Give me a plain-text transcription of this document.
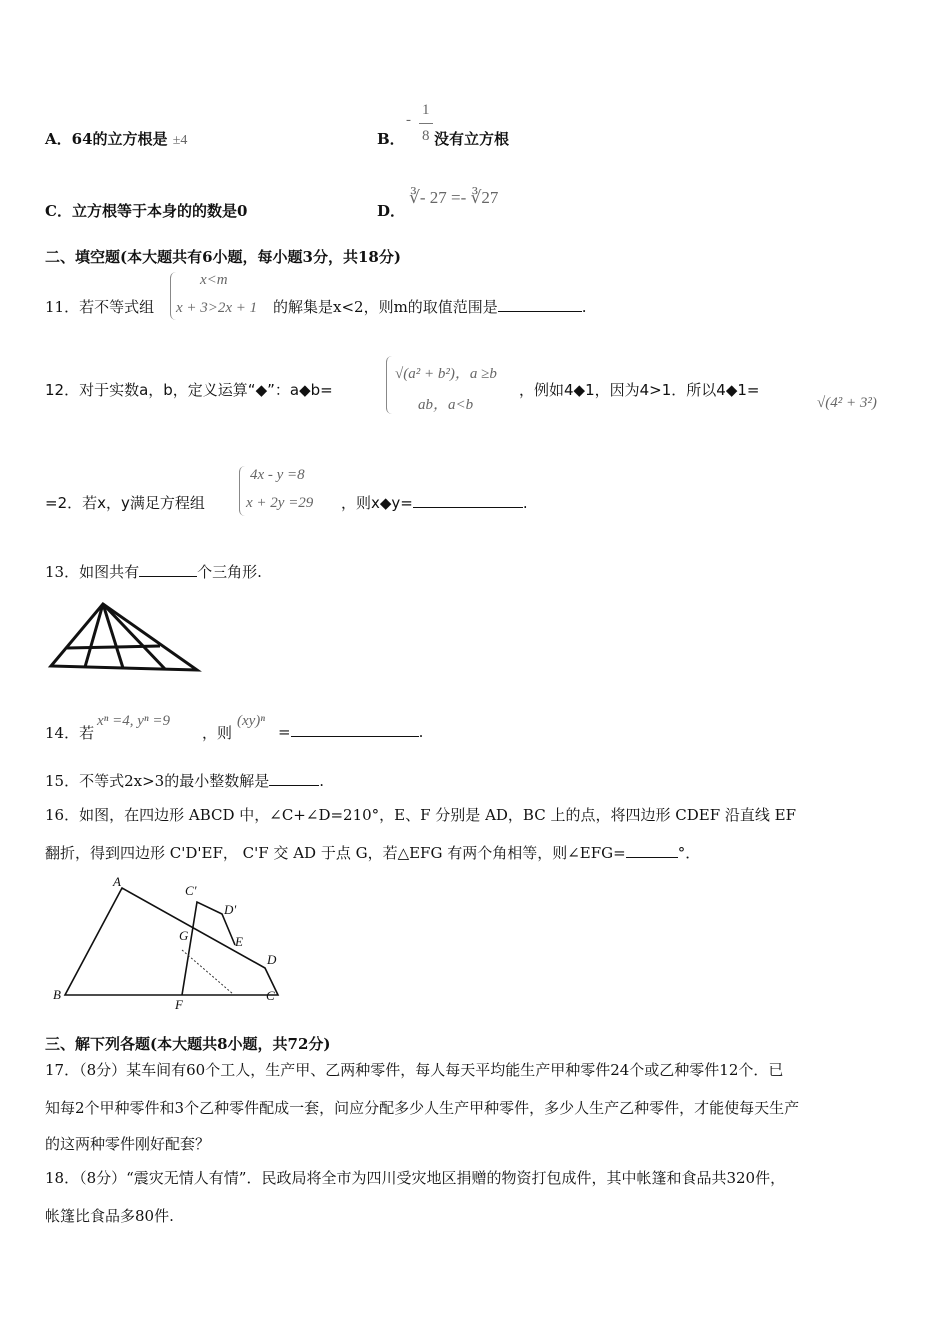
A．64的立方根是 ±4	B．
-
1
8 没有立方根
C．立方根等于本身的的数是0	D．
∛- 27 =- ∛27
二、填空题(本大题共有6小题，每小题3分，共18分)
11．若不等式组
x<m
x + 3>2x + 1 的解集是x<2，则m的取值范围是	.
12．对于实数a，b，定义运算“◆”：a◆b=
√(a² + b²)，a ≥b
ab，a<b
，例如4◆1，因为4>1．所以4◆1=
√(4² + 3²)
=2．若x，y满足方程组
4x - y =8
x + 2y =29 ，则x◆y=	.
13．如图共有	个三角形.
14．若
xⁿ =4, yⁿ =9
，则
(xy)ⁿ
=	.
15．不等式2x>3的最小整数解是	.
16．如图，在四边形 ABCD 中，∠C+∠D=210°，E、F 分别是 AD，BC 上的点，将四边形 CDEF 沿直线 EF
翻折，得到四边形 C'D'EF， C'F 交 AD 于点 G，若△EFG 有两个角相等，则∠EFG=	°．
A
B	C
D
E
F
G
C'
D'
三、解下列各题(本大题共8小题，共72分)
17．（8分）某车间有60个工人，生产甲、乙两种零件，每人每天平均能生产甲种零件24个或乙种零件12个．已
知每2个甲种零件和3个乙种零件配成一套，问应分配多少人生产甲种零件，多少人生产乙种零件，才能使每天生产
的这两种零件刚好配套？
18．（8分）“震灾无情人有情”．民政局将全市为四川受灾地区捐赠的物资打包成件，其中帐篷和食品共320件，
帐篷比食品多80件.
